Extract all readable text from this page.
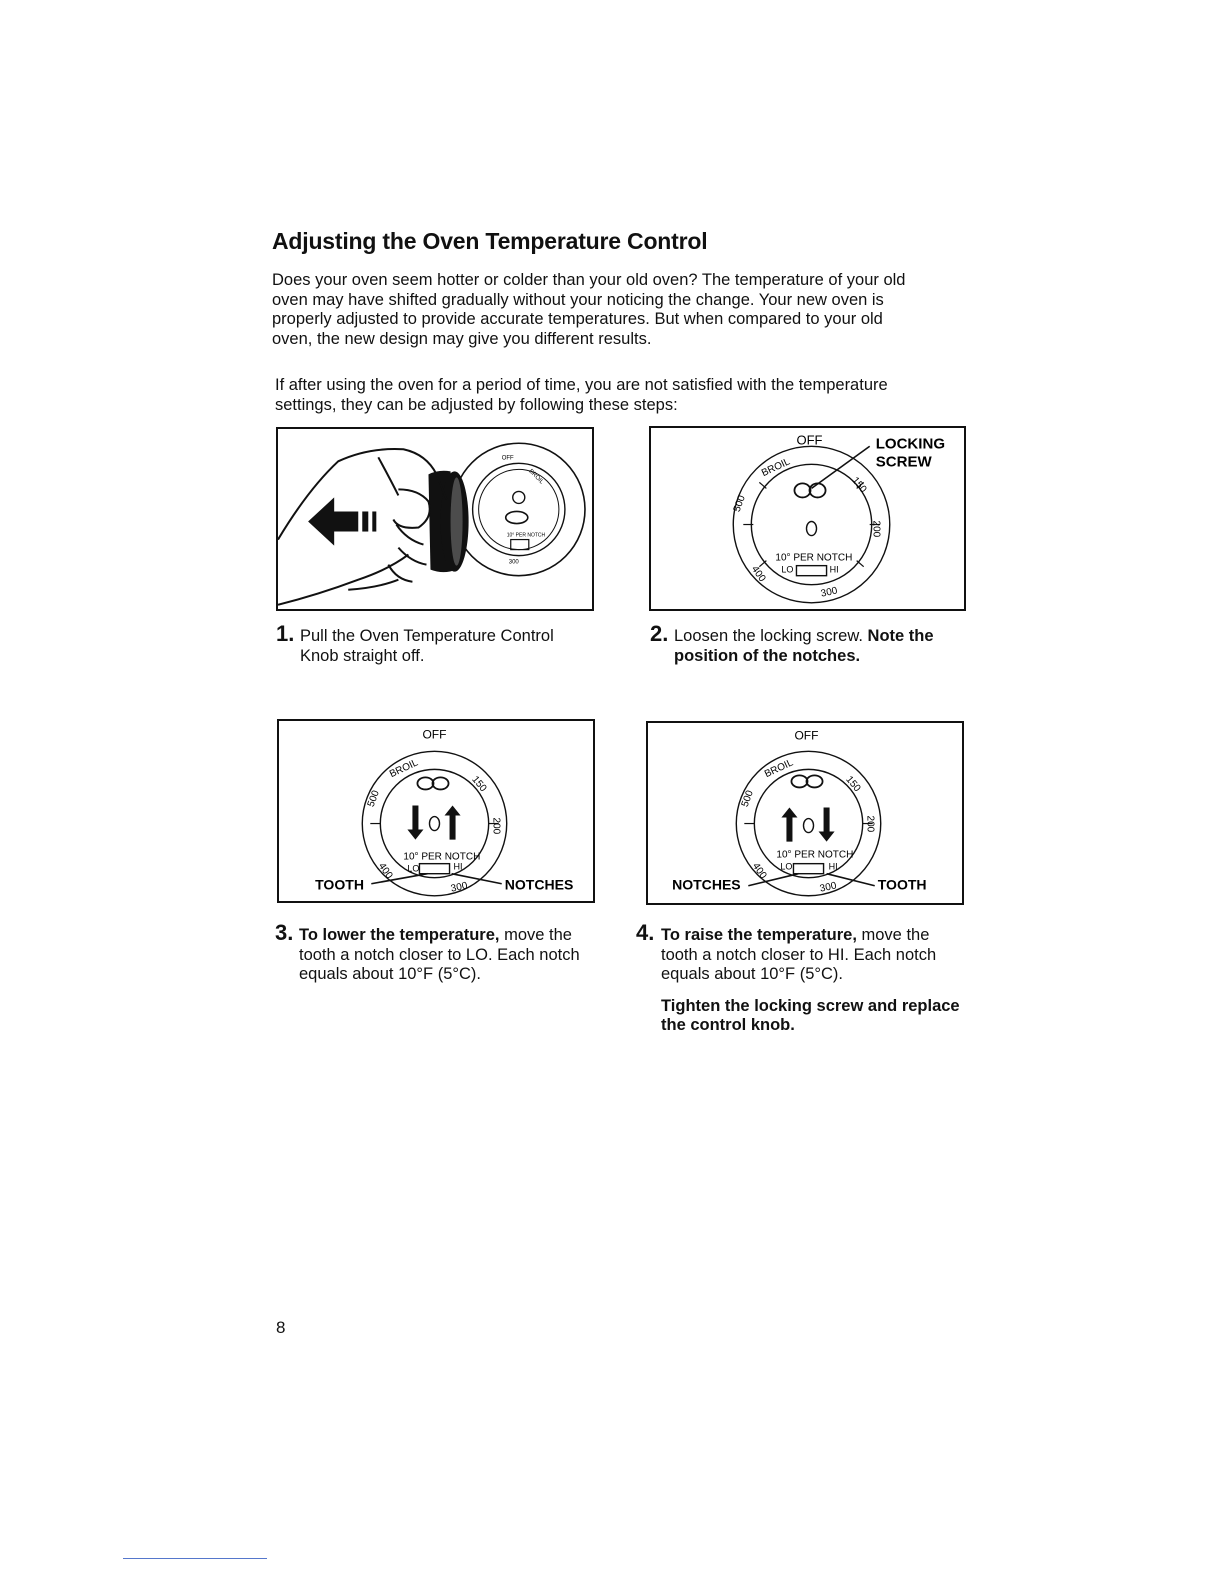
Adjusting the Oven Temperature Control

Does your oven seem hotter or colder than your old oven? The temperature of your old oven may have shifted gradually without your noticing the change. Your new oven is properly adjusted to provide accurate temperatures. But when compared to your old oven, the new design may give you different results.

If after using the oven for a period of time, you are not satisfied with the temperature settings, they can be adjusted by following these steps:

OFF
BROIL
300
10° PER NOTCH
OFF
BROIL
500
150
200
300
400
10° PER NOTCH
LO	HI
LOCKING
SCREW
OFF
BROIL
500
150
200
300
400
10° PER NOTCH
LO	HI
TOOTH	NOTCHES
OFF
BROIL
500
150
200
300
400
10° PER NOTCH
LO	HI
NOTCHES	TOOTH
1. Pull the Oven Temperature Control Knob straight off.
2. Loosen the locking screw. Note the position of the notches.
3. To lower the temperature, move the tooth a notch closer to LO. Each notch equals about 10°F (5°C).
4. To raise the temperature, move the tooth a notch closer to HI. Each notch equals about 10°F (5°C).
Tighten the locking screw and replace the control knob.
8
